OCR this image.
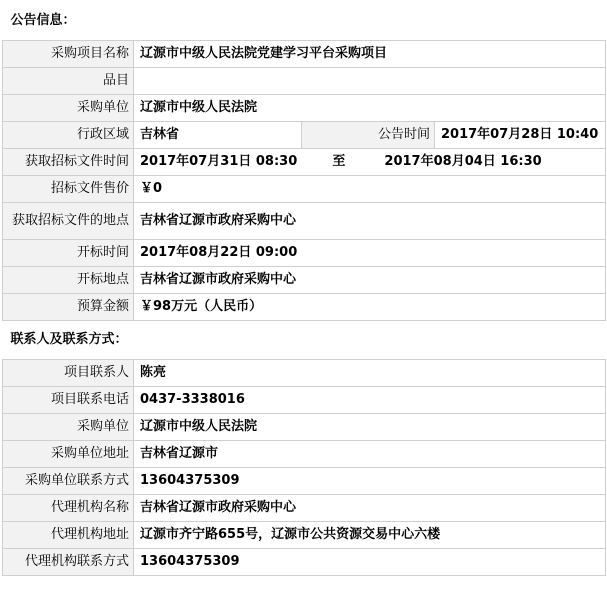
公告信息：			
采购项目名称	辽源市中级人民法院党建学习平台采购项目		
品目			
采购单位	辽源市中级人民法院		
行政区域	吉林省	公告时间	2017年07月28日 10:40
获取招标文件时间	2017年07月31日 08:30 至 2017年08月04日 16:30		
招标文件售价	￥0		
获取招标文件的地点	吉林省辽源市政府采购中心		
开标时间	2017年08月22日 09:00		
开标地点	吉林省辽源市政府采购中心		
预算金额	￥98万元（人民币）		
联系人及联系方式：			
项目联系人	陈亮		
项目联系电话	0437-3338016		
采购单位	辽源市中级人民法院		
采购单位地址	吉林省辽源市		
采购单位联系方式	13604375309		
代理机构名称	吉林省辽源市政府采购中心		
代理机构地址	辽源市齐宁路655号，辽源市公共资源交易中心六楼		
代理机构联系方式	13604375309		
